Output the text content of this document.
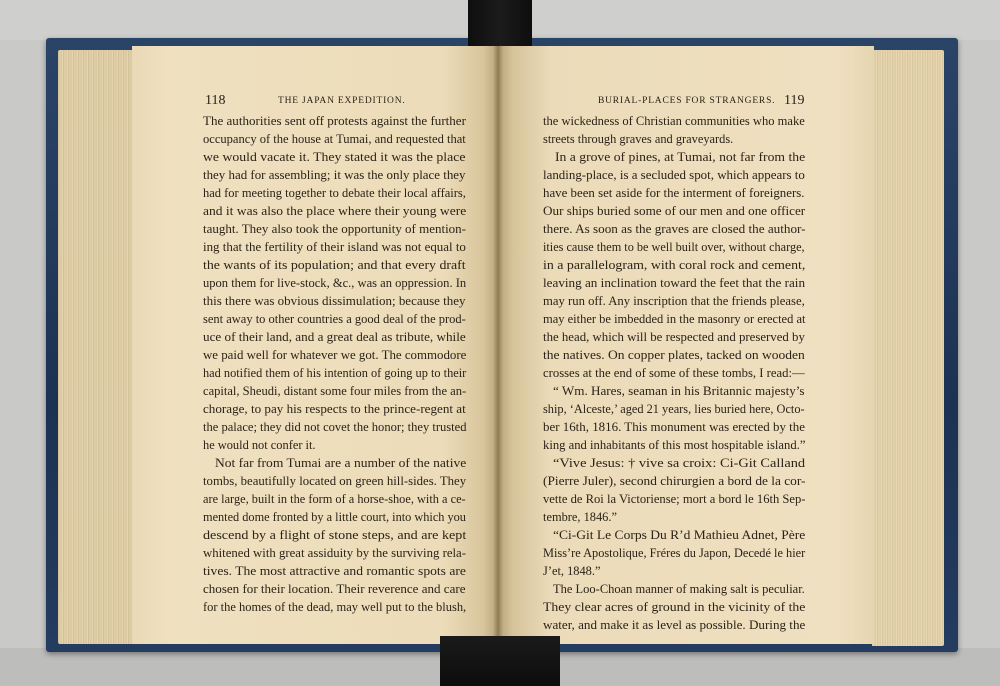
118	THE JAPAN EXPEDITION.	BURIAL-PLACES FOR STRANGERS. 119
The authorities sent off protests against the further
occupancy of the house at Tumai, and requested that
we would vacate it. They stated it was the place
they had for assembling; it was the only place they
had for meeting together to debate their local affairs,
and it was also the place where their young were
taught. They also took the opportunity of mention-
ing that the fertility of their island was not equal to
the wants of its population; and that every draft
upon them for live-stock, &c., was an oppression. In
this there was obvious dissimulation; because they
sent away to other countries a good deal of the prod-
uce of their land, and a great deal as tribute, while
we paid well for whatever we got. The commodore
had notified them of his intention of going up to their
capital, Sheudi, distant some four miles from the an-
chorage, to pay his respects to the prince-regent at
the palace; they did not covet the honor; they trusted
he would not confer it.
Not far from Tumai are a number of the native
tombs, beautifully located on green hill-sides. They
are large, built in the form of a horse-shoe, with a ce-
mented dome fronted by a little court, into which you
descend by a flight of stone steps, and are kept
whitened with great assiduity by the surviving rela-
tives. The most attractive and romantic spots are
chosen for their location. Their reverence and care
for the homes of the dead, may well put to the blush,
the wickedness of Christian communities who make
streets through graves and graveyards.
In a grove of pines, at Tumai, not far from the
landing-place, is a secluded spot, which appears to
have been set aside for the interment of foreigners.
Our ships buried some of our men and one officer
there. As soon as the graves are closed the author-
ities cause them to be well built over, without charge,
in a parallelogram, with coral rock and cement,
leaving an inclination toward the feet that the rain
may run off. Any inscription that the friends please,
may either be imbedded in the masonry or erected at
the head, which will be respected and preserved by
the natives. On copper plates, tacked on wooden
crosses at the end of some of these tombs, I read:—
“ Wm. Hares, seaman in his Britannic majesty’s
ship, ‘Alceste,’ aged 21 years, lies buried here, Octo-
ber 16th, 1816. This monument was erected by the
king and inhabitants of this most hospitable island.”
“Vive Jesus: † vive sa croix: Ci-Git Calland
(Pierre Juler), second chirurgien a bord de la cor-
vette de Roi la Victoriense; mort a bord le 16th Sep-
tembre, 1846.”
“Ci-Git Le Corps Du R’d Mathieu Adnet, Père
Miss’re Apostolique, Fréres du Japon, Decedé le hier
J’et, 1848.”
The Loo-Choan manner of making salt is peculiar.
They clear acres of ground in the vicinity of the
water, and make it as level as possible. During the
